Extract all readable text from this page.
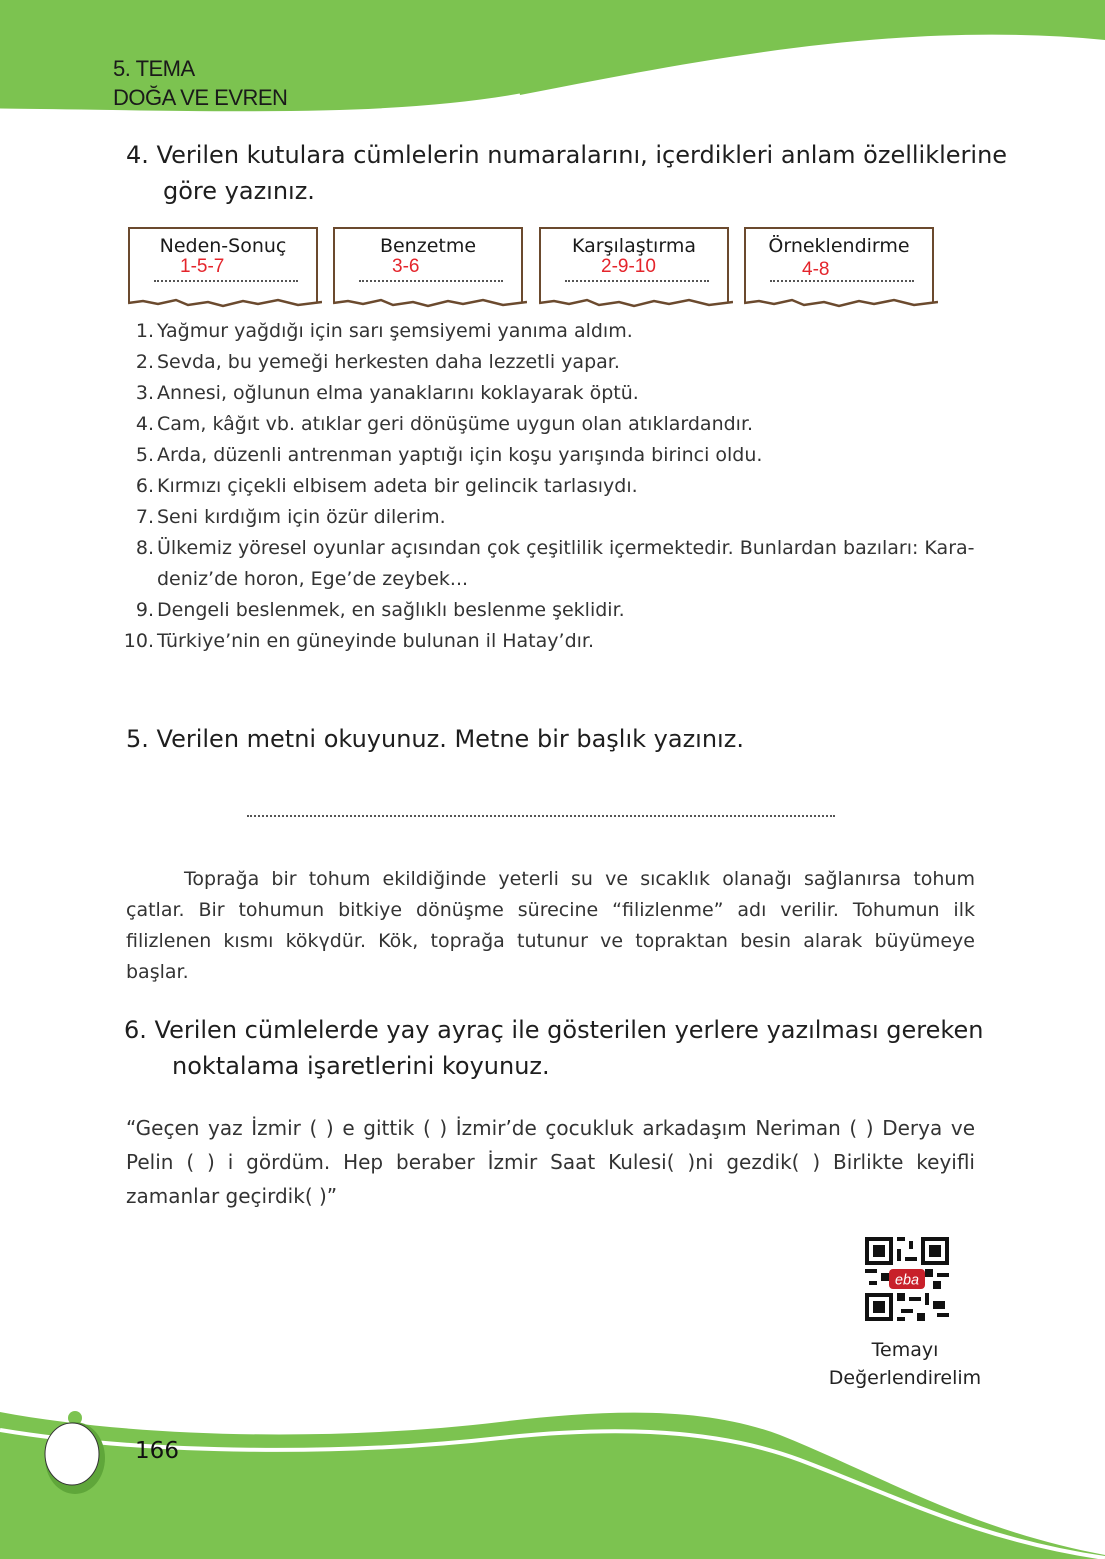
5. TEMA
DOĞA VE EVREN
4. Verilen kutulara cümlelerin numaralarını, içerdikleri anlam özelliklerine
göre yazınız.
Neden-Sonuç
1-5-7
Benzetme
3-6
Karşılaştırma
2-9-10
Örneklendirme
4-8
1. Yağmur yağdığı için sarı şemsiyemi yanıma aldım.
2. Sevda, bu yemeği herkesten daha lezzetli yapar.
3. Annesi, oğlunun elma yanaklarını koklayarak öptü.
4. Cam, kâğıt vb. atıklar geri dönüşüme uygun olan atıklardandır.
5. Arda, düzenli antrenman yaptığı için koşu yarışında birinci oldu.
6. Kırmızı çiçekli elbisem adeta bir gelincik tarlasıydı.
7. Seni kırdığım için özür dilerim.
8. Ülkemiz yöresel oyunlar açısından çok çeşitlilik içermektedir. Bunlardan bazıları: Kara-
deniz’de horon, Ege’de zeybek...
9. Dengeli beslenmek, en sağlıklı beslenme şeklidir.
10. Türkiye’nin en güneyinde bulunan il Hatay’dır.
5. Verilen metni okuyunuz. Metne bir başlık yazınız.
Toprağa bir tohum ekildiğinde yeterli su ve sıcaklık olanağı sağlanırsa tohum çatlar. Bir tohumun bitkiye dönüşme sürecine “filizlenme” adı verilir. Tohumun ilk filizlenen kısmı kökүdür. Kök, toprağa tutunur ve topraktan besin alarak büyümeye başlar.
6. Verilen cümlelerde yay ayraç ile gösterilen yerlere yazılması gereken
noktalama işaretlerini koyunuz.
“Geçen yaz İzmir ( ) e gittik ( ) İzmir’de çocukluk arkadaşım Neriman ( ) Derya ve Pelin ( ) i gördüm. Hep beraber İzmir Saat Kulesi( )ni gezdik( ) Birlikte keyifli zamanlar geçirdik( )”
eba
Temayı
Değerlendirelim
166
